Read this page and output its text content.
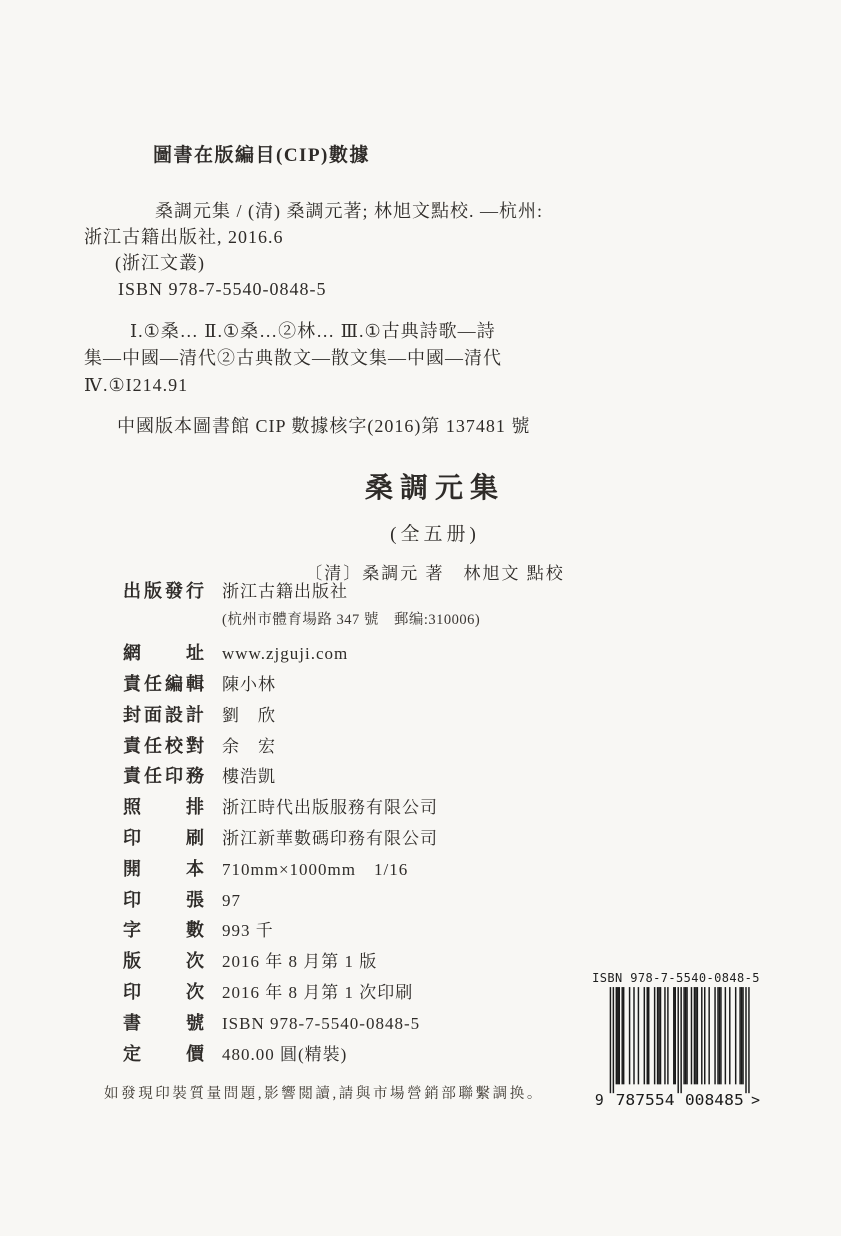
圖書在版編目(CIP)數據
桑調元集 / (清) 桑調元著; 林旭文點校. —杭州:
浙江古籍出版社, 2016.6
(浙江文叢)
ISBN 978-7-5540-0848-5
Ⅰ.①桑… Ⅱ.①桑…②林… Ⅲ.①古典詩歌—詩
集—中國—清代②古典散文—散文集—中國—清代
Ⅳ.①I214.91

中國版本圖書館 CIP 數據核字(2016)第 137481 號

桑調元集
(全五册)
〔清〕桑調元 著　林旭文 點校
出版發行 浙江古籍出版社
(杭州市體育場路 347 號　郵编:310006)
網　　址 www.zjguji.com
責任編輯 陳小林
封面設計 劉　欣
責任校對 余　宏
責任印務 樓浩凱
照　　排 浙江時代出版服務有限公司
印　　刷 浙江新華數碼印務有限公司
開　　本 710mm×1000mm　1/16
印　　張 97
字　　數 993 千
版　　次 2016 年 8 月第 1 版
印　　次 2016 年 8 月第 1 次印刷
書　　號 ISBN 978-7-5540-0848-5
定　　價 480.00 圓(精裝)

如發現印裝質量問題,影響閲讀,請與市場營銷部聯繫調换。

ISBN 978-7-5540-0848-5
9 787554 008485 >
